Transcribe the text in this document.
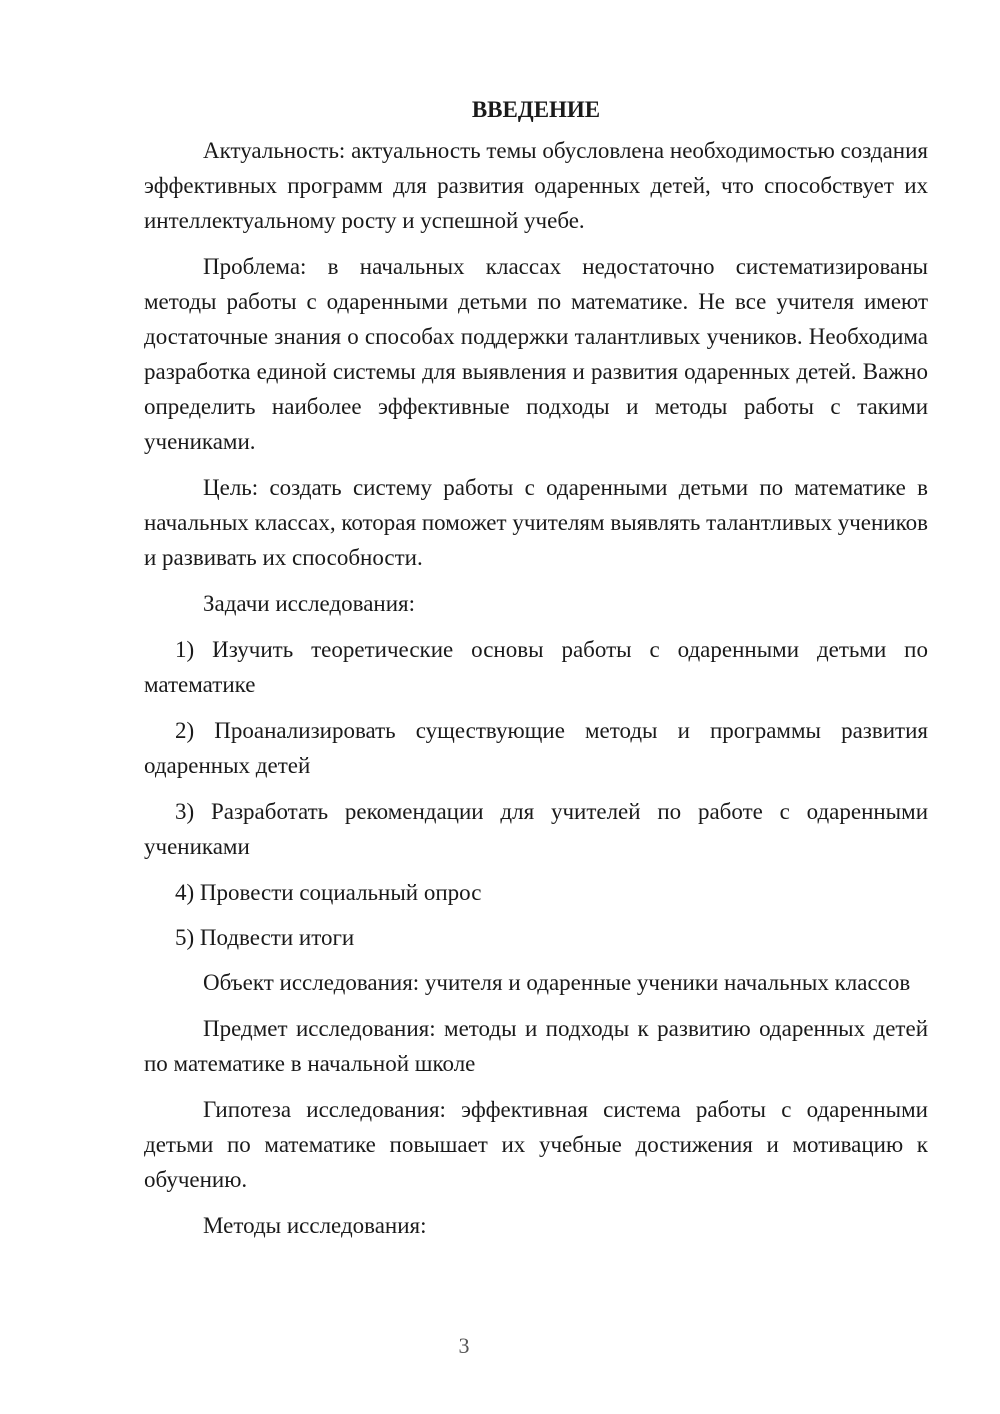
ВВЕДЕНИЕ

Актуальность: актуальность темы обусловлена необходимостью создания эффективных программ для развития одаренных детей, что способствует их интеллектуальному росту и успешной учебе.

Проблема: в начальных классах недостаточно систематизированы методы работы с одаренными детьми по математике. Не все учителя имеют достаточные знания о способах поддержки талантливых учеников. Необходима разработка единой системы для выявления и развития одаренных детей. Важно определить наиболее эффективные подходы и методы работы с такими учениками.

Цель: создать систему работы с одаренными детьми по математике в начальных классах, которая поможет учителям выявлять талантливых учеников и развивать их способности.

Задачи исследования:

1) Изучить теоретические основы работы с одаренными детьми по математике

2) Проанализировать существующие методы и программы развития одаренных детей

3) Разработать рекомендации для учителей по работе с одаренными учениками

4) Провести социальный опрос

5) Подвести итоги

Объект исследования: учителя и одаренные ученики начальных классов

Предмет исследования: методы и подходы к развитию одаренных детей по математике в начальной школе

Гипотеза исследования: эффективная система работы с одаренными детьми по математике повышает их учебные достижения и мотивацию к обучению.

Методы исследования:

3
